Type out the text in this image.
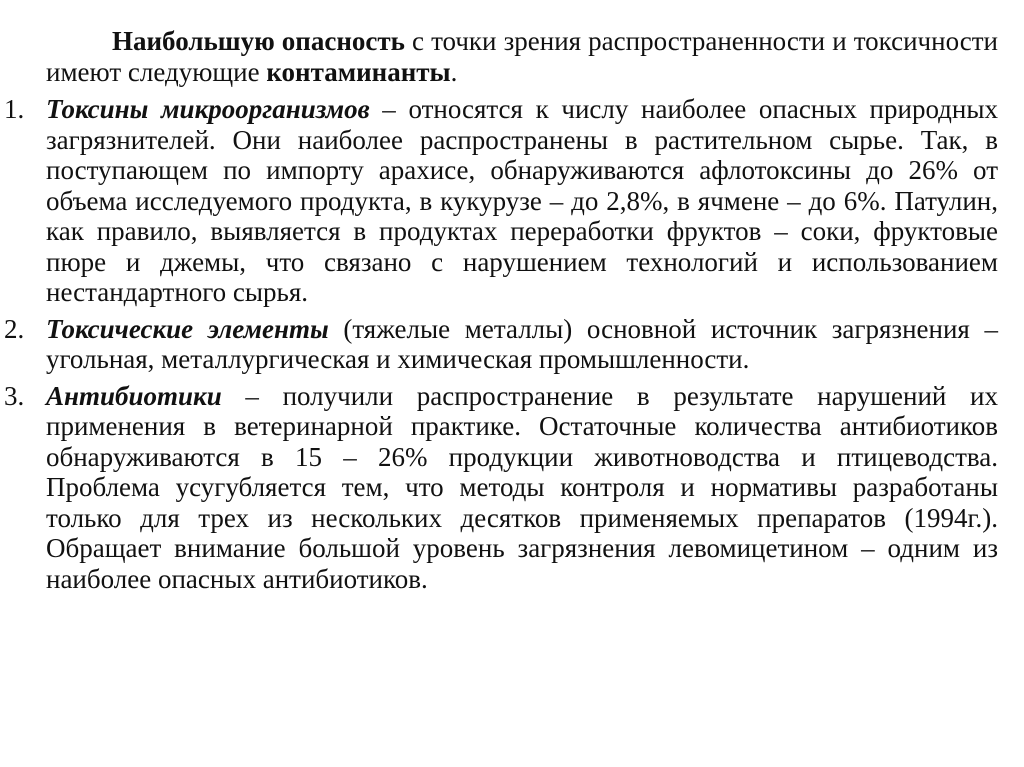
Наибольшую опасность с точки зрения распространенности и токсичности имеют следующие контаминанты.

1. Токсины микроорганизмов – относятся к числу наиболее опасных природных загрязнителей. Они наиболее распространены в растительном сырье. Так, в поступающем по импорту арахисе, обнаруживаются афлотоксины до 26% от объема исследуемого продукта, в кукурузе – до 2,8%, в ячмене – до 6%. Патулин, как правило, выявляется в продуктах переработки фруктов – соки, фруктовые пюре и джемы, что связано с нарушением технологий и использованием нестандартного сырья.

2. Токсические элементы (тяжелые металлы) основной источник загрязнения – угольная, металлургическая и химическая промышленности.

3. Антибиотики – получили распространение в результате нарушений их применения в ветеринарной практике. Остаточные количества антибиотиков обнаруживаются в 15 – 26% продукции животноводства и птицеводства. Проблема усугубляется тем, что методы контроля и нормативы разработаны только для трех из нескольких десятков применяемых препаратов (1994г.). Обращает внимание большой уровень загрязнения левомицетином – одним из наиболее опасных антибиотиков.
